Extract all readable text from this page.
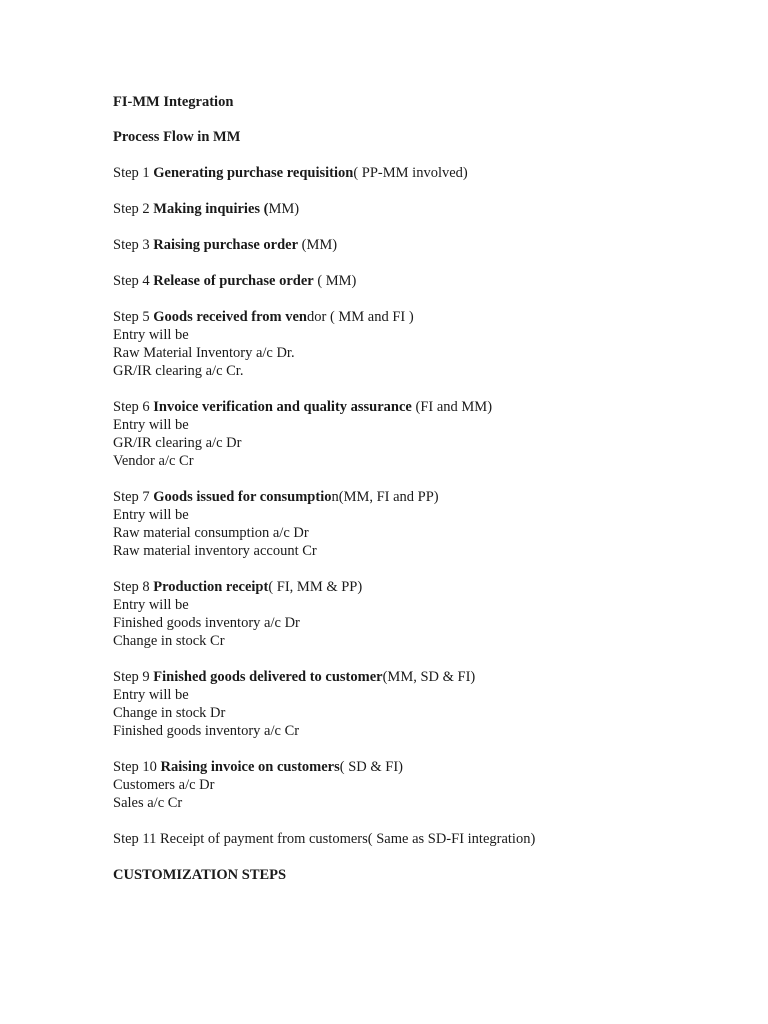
FI-MM Integration

Process Flow in MM

Step 1 Generating purchase requisition( PP-MM involved)

Step 2 Making inquiries (MM)

Step 3 Raising purchase order (MM)

Step 4 Release of purchase order ( MM)

Step 5 Goods received from vendor ( MM and FI )

Entry will be

Raw Material Inventory a/c Dr.

GR/IR clearing a/c Cr.

Step 6 Invoice verification and quality assurance (FI and MM)

Entry will be

GR/IR clearing a/c Dr

Vendor a/c Cr

Step 7 Goods issued for consumption(MM, FI and PP)

Entry will be

Raw material consumption a/c Dr

Raw material inventory account Cr

Step 8 Production receipt( FI, MM & PP)

Entry will be

Finished goods inventory a/c Dr

Change in stock Cr

Step 9 Finished goods delivered to customer(MM, SD & FI)

Entry will be

Change in stock Dr

Finished goods inventory a/c Cr

Step 10 Raising invoice on customers( SD & FI)

Customers a/c Dr

Sales a/c Cr

Step 11 Receipt of payment from customers( Same as SD-FI integration)

CUSTOMIZATION STEPS
